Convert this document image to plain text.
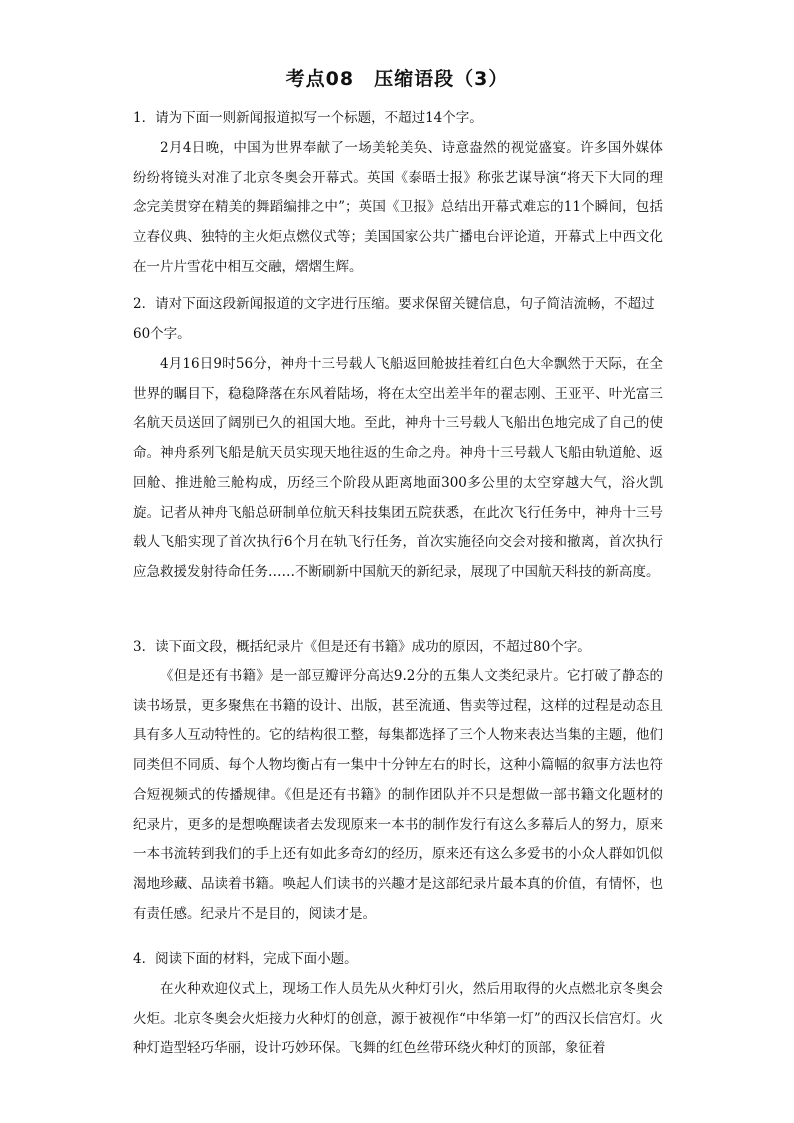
考点08　压缩语段（3）

1．请为下面一则新闻报道拟写一个标题，不超过14个字。

2月4日晚，中国为世界奉献了一场美轮美奂、诗意盎然的视觉盛宴。许多国外媒体纷纷将镜头对准了北京冬奥会开幕式。英国《泰晤士报》称张艺谋导演“将天下大同的理念完美贯穿在精美的舞蹈编排之中”；英国《卫报》总结出开幕式难忘的11个瞬间，包括立春仪典、独特的主火炬点燃仪式等；美国国家公共广播电台评论道，开幕式上中西文化在一片片雪花中相互交融，熠熠生辉。

2．请对下面这段新闻报道的文字进行压缩。要求保留关键信息，句子简洁流畅，不超过60个字。

4月16日9时56分，神舟十三号载人飞船返回舱披挂着红白色大伞飘然于天际，在全世界的瞩目下，稳稳降落在东风着陆场，将在太空出差半年的翟志刚、王亚平、叶光富三名航天员送回了阔别已久的祖国大地。至此，神舟十三号载人飞船出色地完成了自己的使命。神舟系列飞船是航天员实现天地往返的生命之舟。神舟十三号载人飞船由轨道舱、返回舱、推进舱三舱构成，历经三个阶段从距离地面300多公里的太空穿越大气，浴火凯旋。记者从神舟飞船总研制单位航天科技集团五院获悉，在此次飞行任务中，神舟十三号载人飞船实现了首次执行6个月在轨飞行任务，首次实施径向交会对接和撤离，首次执行应急救援发射待命任务……不断刷新中国航天的新纪录，展现了中国航天科技的新高度。

3．读下面文段，概括纪录片《但是还有书籍》成功的原因，不超过80个字。

《但是还有书籍》是一部豆瓣评分高达9.2分的五集人文类纪录片。它打破了静态的读书场景，更多聚焦在书籍的设计、出版，甚至流通、售卖等过程，这样的过程是动态且具有多人互动特性的。它的结构很工整，每集都选择了三个人物来表达当集的主题，他们同类但不同质、每个人物均衡占有一集中十分钟左右的时长，这种小篇幅的叙事方法也符合短视频式的传播规律。《但是还有书籍》的制作团队并不只是想做一部书籍文化题材的纪录片，更多的是想唤醒读者去发现原来一本书的制作发行有这么多幕后人的努力，原来一本书流转到我们的手上还有如此多奇幻的经历，原来还有这么多爱书的小众人群如饥似渴地珍藏、品读着书籍。唤起人们读书的兴趣才是这部纪录片最本真的价值，有情怀，也有责任感。纪录片不是目的，阅读才是。

4．阅读下面的材料，完成下面小题。

在火种欢迎仪式上，现场工作人员先从火种灯引火，然后用取得的火点燃北京冬奥会火炬。北京冬奥会火炬接力火种灯的创意，源于被视作“中华第一灯”的西汉长信宫灯。火种灯造型轻巧华丽，设计巧妙环保。飞舞的红色丝带环绕火种灯的顶部，象征着
